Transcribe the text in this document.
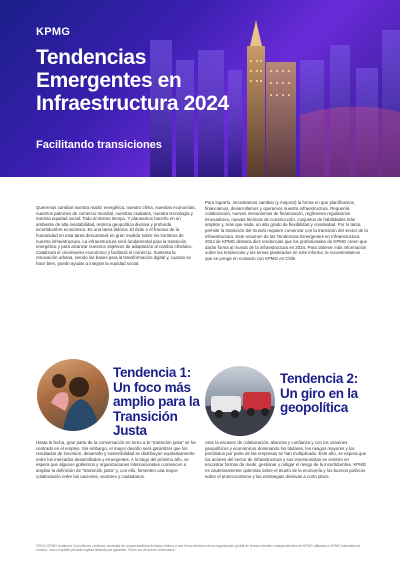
KPMG
Tendencias Emergentes en Infraestructura 2024
Facilitando transiciones
Queremos cambiar nuestra matriz energética, nuestro clima, nuestras economías, nuestros patrones de comercio mundial, nuestras ciudades, nuestra tecnología y nuestra equidad social. Todo al mismo tiempo. Y planeamos hacerlo en un ambiente de alta inestabilidad, retórica geopolítica divisiva y profunda incertidumbre económica. Es una tarea titánica. El éxito o el fracaso de la humanidad en esta tarea descansará en gran medida sobre los hombros de nuestra infraestructura. La infraestructura será fundamental para la transición energética y para alcanzar nuestros objetivos de adaptación al cambio climático. Catalizará el crecimiento económico y facilitará el comercio. Sustenta la renovación urbana, siendo las bases para la transformación digital y, cuando se hace bien, puede ayudar a integrar la equidad social.
Para lograrlo, necesitamos cambiar (y mejorar) la forma en que planificamos, financiamos, desarrollamos y operamos nuestra infraestructura. Requerirá colaboración, nuevos mecanismos de financiación, regímenes regulatorios innovadores, nuevas técnicas de construcción, conjuntos de habilidades más amplios y, más que nada, un alto grado de flexibilidad y creatividad. Por lo tanto, permitir la transición del mundo requiere comenzar con la transición del sector de la infraestructura. Este resumen de las Tendencias Emergentes en Infraestructura 2024 de KPMG destaca diez tendencias que los profesionales de KPMG creen que darán forma al mundo de la infraestructura en 2024. Para obtener más información sobre las tendencias y los temas planteados en este informe, le recomendamos que se ponga en contacto con KPMG en Chile.
Tendencia 1: Un foco más amplio para la Transición Justa
Tendencia 2: Un giro en la geopolítica
Hasta la fecha, gran parte de la conversación en torno a la "transición justa" se ha centrado en el empleo. Sin embargo, el mayor desafío será garantizar que los resultados de inversión, desarrollo y sostenibilidad se distribuyan equitativamente entre los mercados desarrollados y emergentes. A lo largo del próximo año, se espera que algunos gobiernos y organizaciones internacionales comiencen a ampliar la definición de "transición justa" y, con ello, fomenten una mayor colaboración entre las naciones, sectores y ciudadanos.
Ante la escasez de colaboración, alianzas y confianza y con los vaivenes geopolíticos y económicos dominando los titulares, los riesgos mayores y los percibidos por parte de las empresas se han multiplicado. Este año, se espera que los actores del sector de infraestructura y sus inversionistas se centren en encontrar formas de medir, gestionar y mitigar el riesgo de la incertidumbre. KPMG es cautelosamente optimista sobre el triunfo de la economía y los buenos políticos sobre el proteccionismo y las estrategias divisivas a corto plazo.
©2024 KPMG Auditores Consultores Limitada, sociedad de responsabilidad limitada chilena y una firma miembro de la organización global de firmas miembro independientes de KPMG afiliadas a KPMG International Limited, una compañía privada inglesa limitada por garantía. Todos los derechos reservados.
